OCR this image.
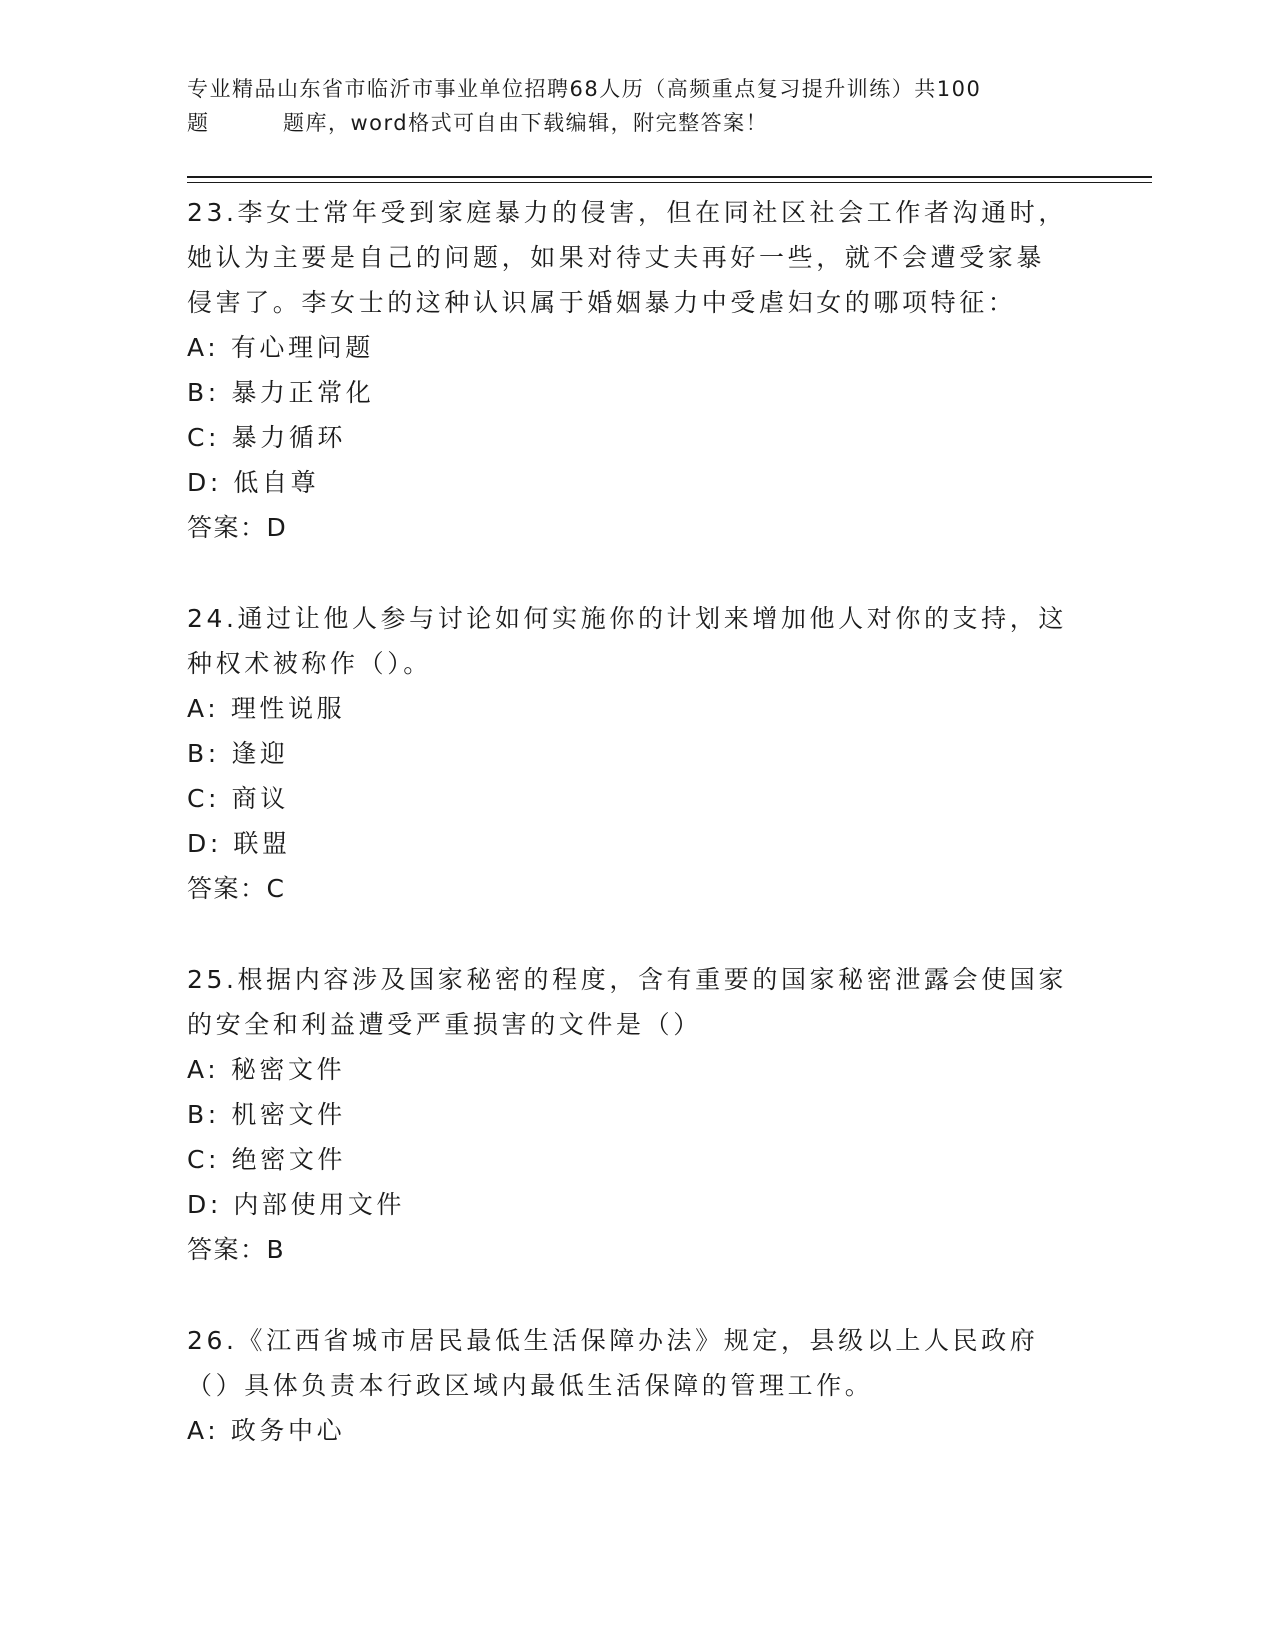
专业精品山东省市临沂市事业单位招聘68人历（高频重点复习提升训练）共100
题	题库，word格式可自由下载编辑，附完整答案！
23.李女士常年受到家庭暴力的侵害，但在同社区社会工作者沟通时，她认为主要是自己的问题，如果对待丈夫再好一些，就不会遭受家暴侵害了。李女士的这种认识属于婚姻暴力中受虐妇女的哪项特征：
A: 有心理问题
B: 暴力正常化
C: 暴力循环
D: 低自尊
答案：D
24.通过让他人参与讨论如何实施你的计划来增加他人对你的支持，这种权术被称作（）。
A: 理性说服
B: 逢迎
C: 商议
D: 联盟
答案：C
25.根据内容涉及国家秘密的程度，含有重要的国家秘密泄露会使国家的安全和利益遭受严重损害的文件是（）
A: 秘密文件
B: 机密文件
C: 绝密文件
D: 内部使用文件
答案：B
26.《江西省城市居民最低生活保障办法》规定，县级以上人民政府（）具体负责本行政区域内最低生活保障的管理工作。
A: 政务中心
